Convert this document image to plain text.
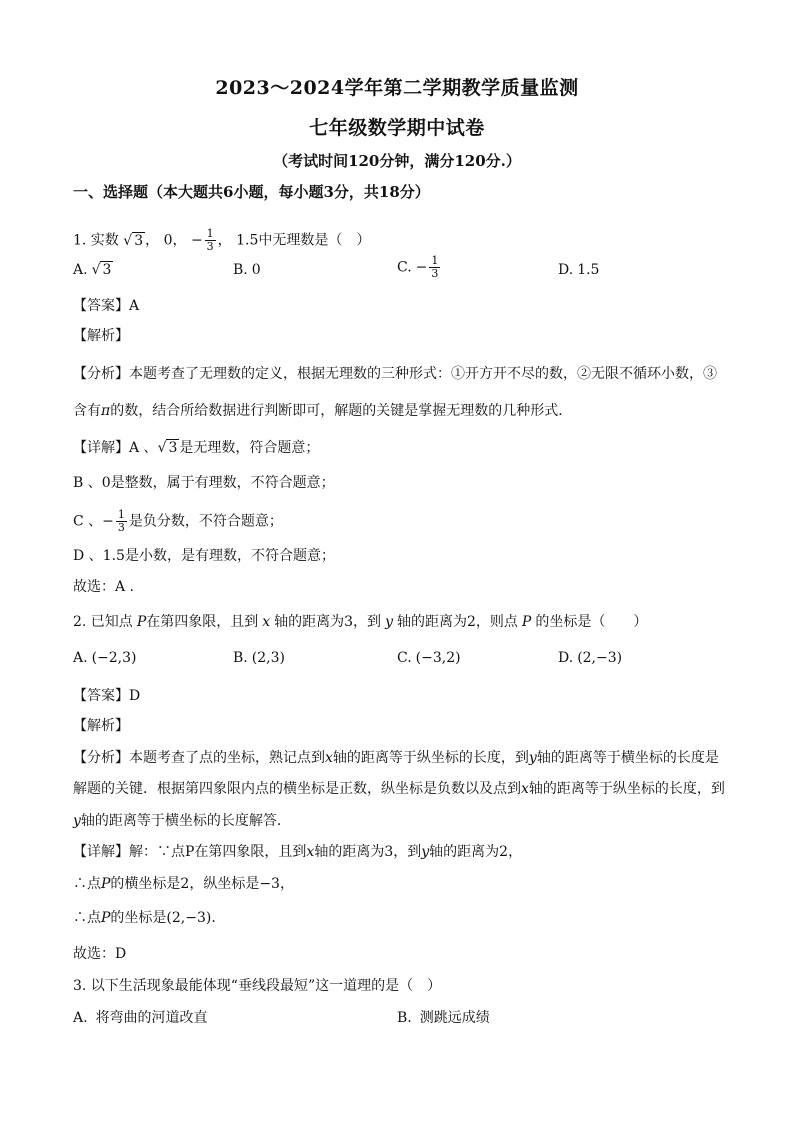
2023～2024学年第二学期教学质量监测
七年级数学期中试卷
（考试时间120分钟，满分120分.）
一、选择题（本大题共6小题，每小题3分，共18分）
1. 实数 √ 3 ， 0， − $\frac{1}{3}$ ， 1.5中无理数是（　）
A. √ 3	B. 0	C. − $\frac{1}{3}$	D. 1.5
【答案】A
【解析】
【分析】本题考查了无理数的定义，根据无理数的三种形式：①开方开不尽的数，②无限不循环小数，③
含有π的数，结合所给数据进行判断即可，解题的关键是掌握无理数的几种形式．
【详解】A 、√ 3 是无理数，符合题意；
B 、0是整数，属于有理数，不符合题意；
C 、− $\frac{1}{3}$ 是负分数，不符合题意；
D 、1.5是小数，是有理数，不符合题意；
故选：A .
2. 已知点 P在第四象限，且到 x 轴的距离为3，到 y 轴的距离为2，则点 P 的坐标是（　　）
A. (−2,3)	B. (2,3)	C. (−3,2)	D. (2,−3)
【答案】D
【解析】
【分析】本题考查了点的坐标，熟记点到x轴的距离等于纵坐标的长度，到y轴的距离等于横坐标的长度是
解题的关键．根据第四象限内点的横坐标是正数，纵坐标是负数以及点到x轴的距离等于纵坐标的长度，到
y轴的距离等于横坐标的长度解答．
【详解】解：∵点P在第四象限，且到x轴的距离为3，到y轴的距离为2，
∴点P的横坐标是2，纵坐标是−3，
∴点P的坐标是(2,−3)．
故选：D
3. 以下生活现象最能体现“垂线段最短”这一道理的是（　）
A. 将弯曲的河道改直	B. 测跳远成绩
